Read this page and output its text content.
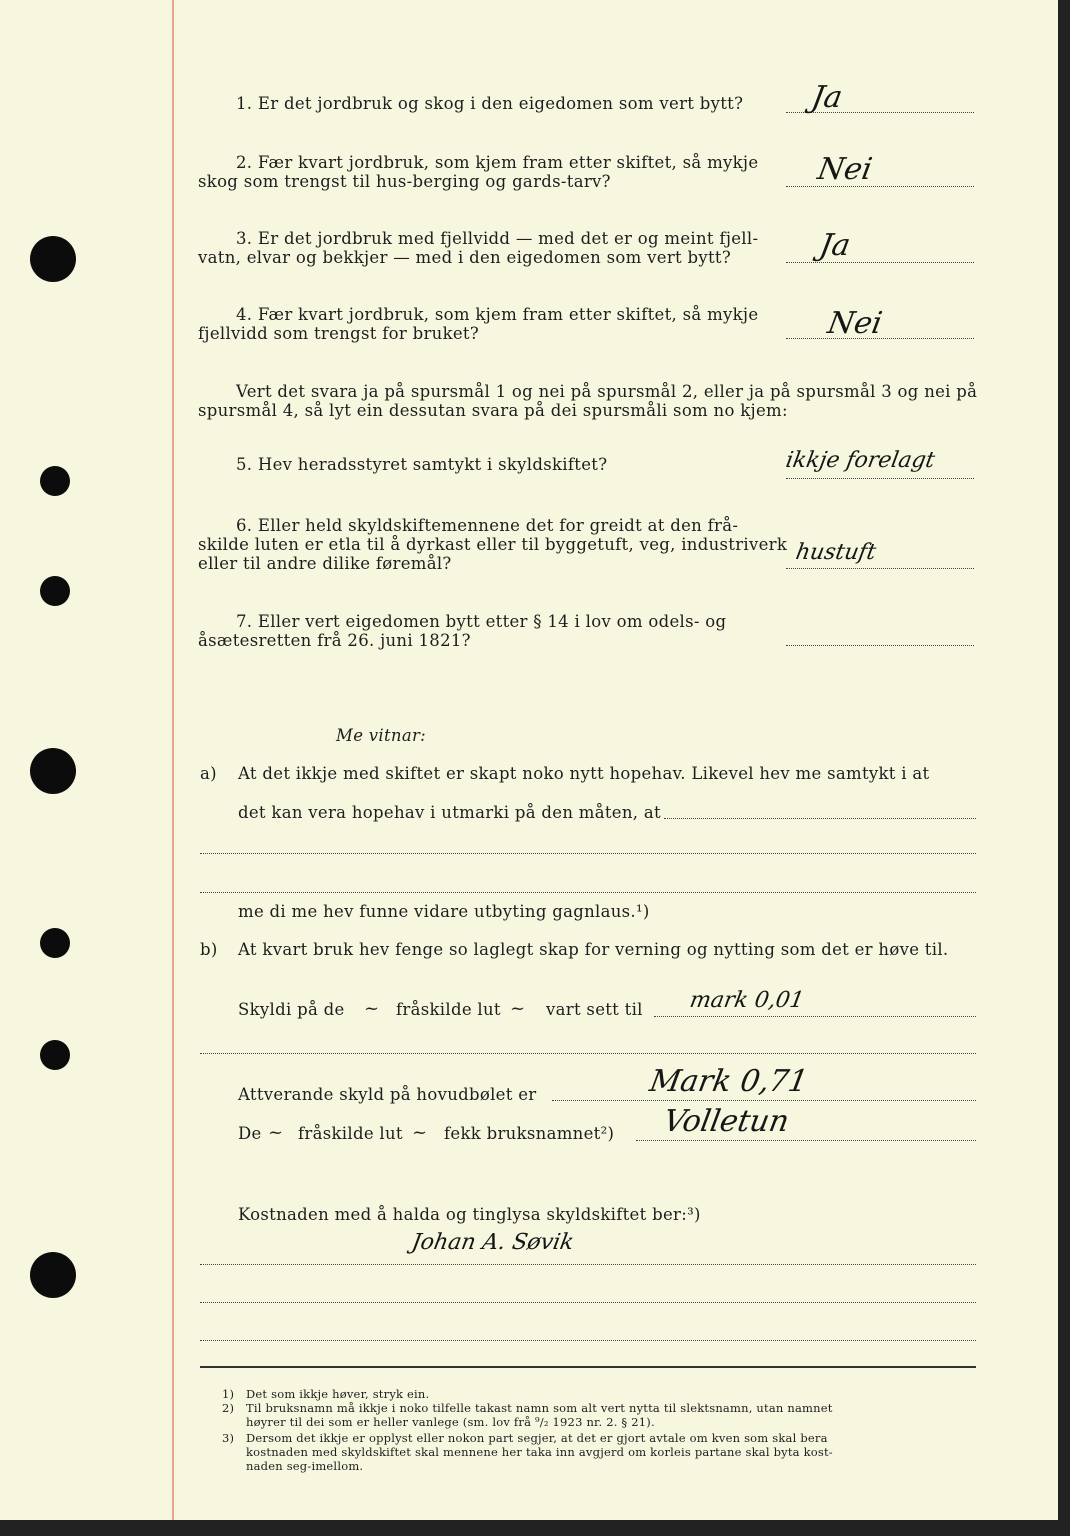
1. Er det jordbruk og skog i den eigedomen som vert bytt? Ja
2. Fær kvart jordbruk, som kjem fram etter skiftet, så mykje
skog som trengst til hus-berging og gards-tarv?	Nei
3. Er det jordbruk med fjellvidd — med det er og meint fjell-
vatn, elvar og bekkjer — med i den eigedomen som vert bytt?	Ja
4. Fær kvart jordbruk, som kjem fram etter skiftet, så mykje
fjellvidd som trengst for bruket?	Nei
Vert det svara ja på spursmål 1 og nei på spursmål 2, eller ja på spursmål 3 og nei på
spursmål 4, så lyt ein dessutan svara på dei spursmåli som no kjem:
5. Hev heradsstyret samtykt i skyldskiftet?	ikkje forelagt
6. Eller held skyldskiftemennene det for greidt at den frå-
skilde luten er etla til å dyrkast eller til byggetuft, veg, industriverk
eller til andre dilike føremål?	hustuft
7. Eller vert eigedomen bytt etter § 14 i lov om odels- og
åsætesretten frå 26. juni 1821?
Me vitnar:
a) At det ikkje med skiftet er skapt noko nytt hopehav. Likevel hev me samtykt i at
det kan vera hopehav i utmarki på den måten, at
me di me hev funne vidare utbyting gagnlaus.¹)
b) At kvart bruk hev fenge so laglegt skap for verning og nytting som det er høve til.
Skyldi på de ~ fråskilde lut ~ vart sett til mark 0,01
Attverande skyld på hovudbølet er	Mark 0,71
De ~ fråskilde lut ~ fekk bruksnamnet²) Volletun
Kostnaden med å halda og tinglysa skyldskiftet ber:³)
Johan A. Søvik
1) Det som ikkje høver, stryk ein.
2) Til bruksnamn må ikkje i noko tilfelle takast namn som alt vert nytta til slektsnamn, utan namnet
høyrer til dei som er heller vanlege (sm. lov frå ⁹/₂ 1923 nr. 2. § 21).
3) Dersom det ikkje er opplyst eller nokon part segjer, at det er gjort avtale om kven som skal bera
kostnaden med skyldskiftet skal mennene her taka inn avgjerd om korleis partane skal byta kost-
naden seg-imellom.
